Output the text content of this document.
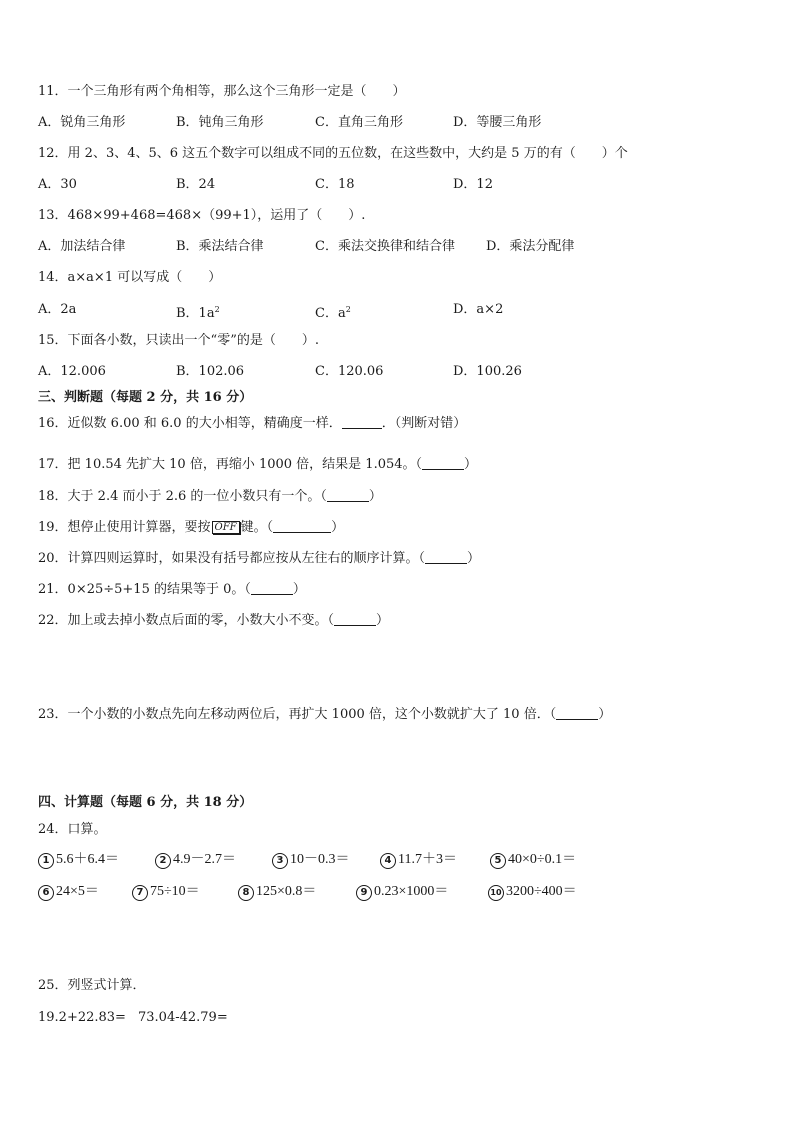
11．一个三角形有两个角相等，那么这个三角形一定是（　　）
A．锐角三角形	B．钝角三角形	C．直角三角形	D．等腰三角形
12．用 2、3、4、5、6 这五个数字可以组成不同的五位数，在这些数中，大约是 5 万的有（　　）个
A．30	B．24	C．18	D．12
13．468×99+468=468×（99+1），运用了（　　）.
A．加法结合律	B．乘法结合律	C．乘法交换律和结合律 D．乘法分配律
14．a×a×1 可以写成（　　）
A．2a	B．$1a^2$	C．$a^2$	D．a×2
15．下面各小数，只读出一个“零”的是（　　）.
A．12.006	B．102.06	C．120.06	D．100.26
三、判断题（每题 2 分，共 16 分）
16．近似数 6.00 和 6.0 的大小相等，精确度一样．	．（判断对错）
17．把 10.54 先扩大 10 倍，再缩小 1000 倍，结果是 1.054。（	）
18．大于 2.4 而小于 2.6 的一位小数只有一个。（	）
19．想停止使用计算器，要按 OFF 键。（	）
20．计算四则运算时，如果没有括号都应按从左往右的顺序计算。（	）
21．0×25÷5+15 的结果等于 0。（	）
22．加上或去掉小数点后面的零，小数大小不变。（	）
23．一个小数的小数点先向左移动两位后，再扩大 1000 倍，这个小数就扩大了 10 倍．（	）
四、计算题（每题 6 分，共 18 分）
24．口算。
1 5.6＋6.4＝	2 4.9－2.7＝	3 10－0.3＝	4 11.7＋3＝	5 40×0÷0.1＝
6 24×5＝	7 75÷10＝	8 125×0.8＝	9 0.23×1000＝	10 3200÷400＝
25．列竖式计算．
19.2+22.83= 73.04-42.79=
